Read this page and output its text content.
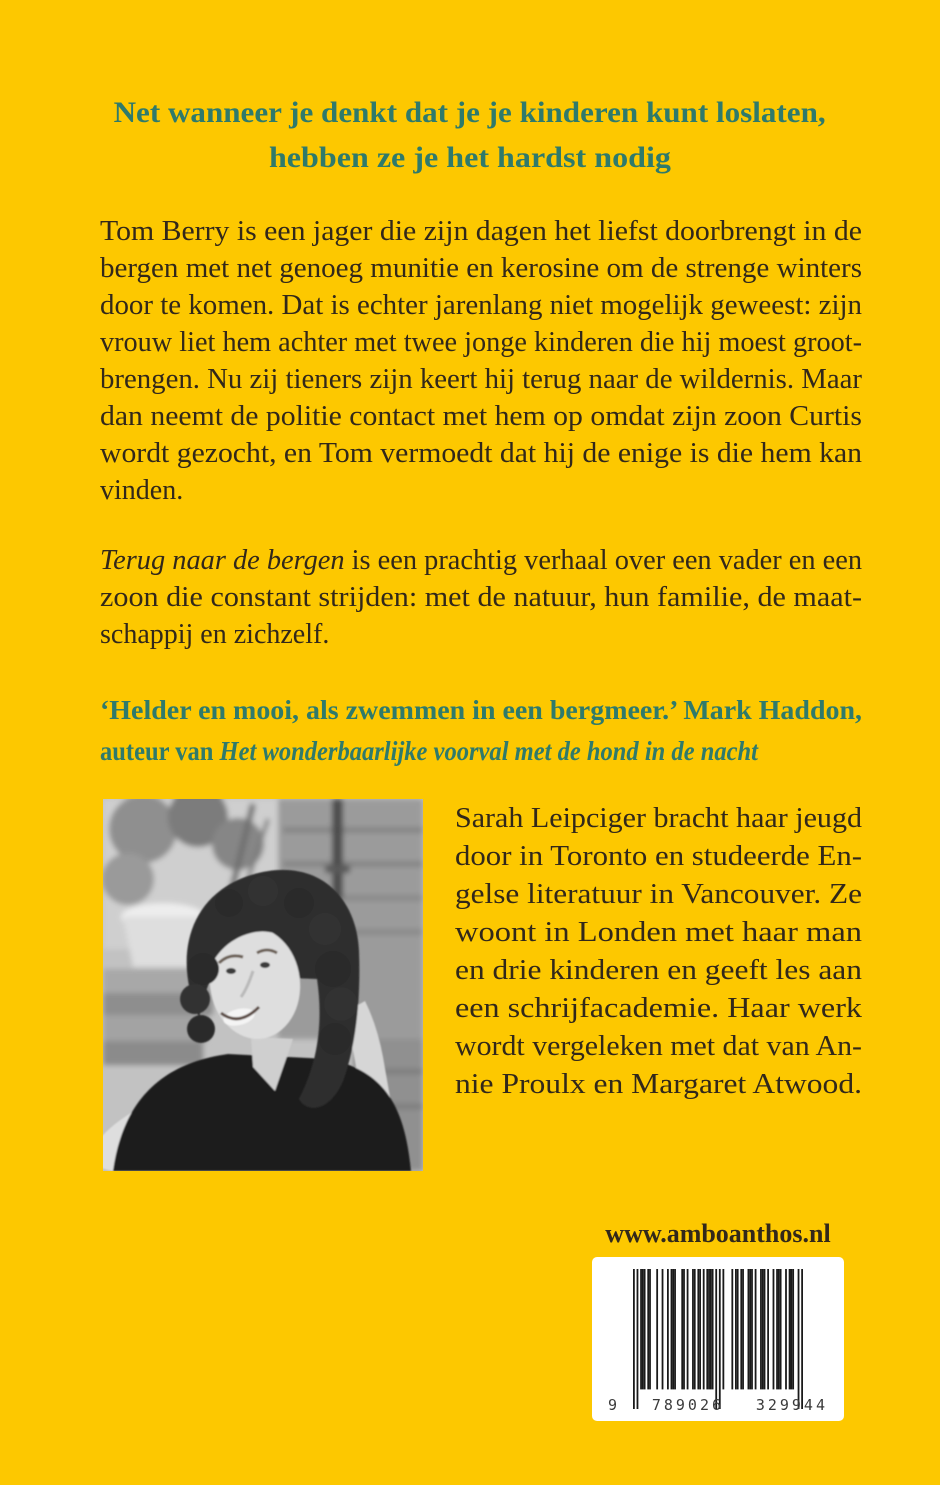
Net wanneer je denkt dat je je kinderen kunt loslaten,
hebben ze je het hardst nodig
Tom Berry is een jager die zijn dagen het liefst doorbrengt in de
bergen met net genoeg munitie en kerosine om de strenge winters
door te komen. Dat is echter jarenlang niet mogelijk geweest: zijn
vrouw liet hem achter met twee jonge kinderen die hij moest groot-
brengen. Nu zij tieners zijn keert hij terug naar de wildernis. Maar
dan neemt de politie contact met hem op omdat zijn zoon Curtis
wordt gezocht, en Tom vermoedt dat hij de enige is die hem kan
vinden.
Terug naar de bergen is een prachtig verhaal over een vader en een
zoon die constant strijden: met de natuur, hun familie, de maat-
schappij en zichzelf.
‘Helder en mooi, als zwemmen in een bergmeer.’ Mark Haddon,
auteur van Het wonderbaarlijke voorval met de hond in de nacht
Sarah Leipciger bracht haar jeugd
door in Toronto en studeerde En-
gelse literatuur in Vancouver. Ze
woont in Londen met haar man
en drie kinderen en geeft les aan
een schrijfacademie. Haar werk
wordt vergeleken met dat van An-
nie Proulx en Margaret Atwood.
www.amboanthos.nl
9 789026 329944
